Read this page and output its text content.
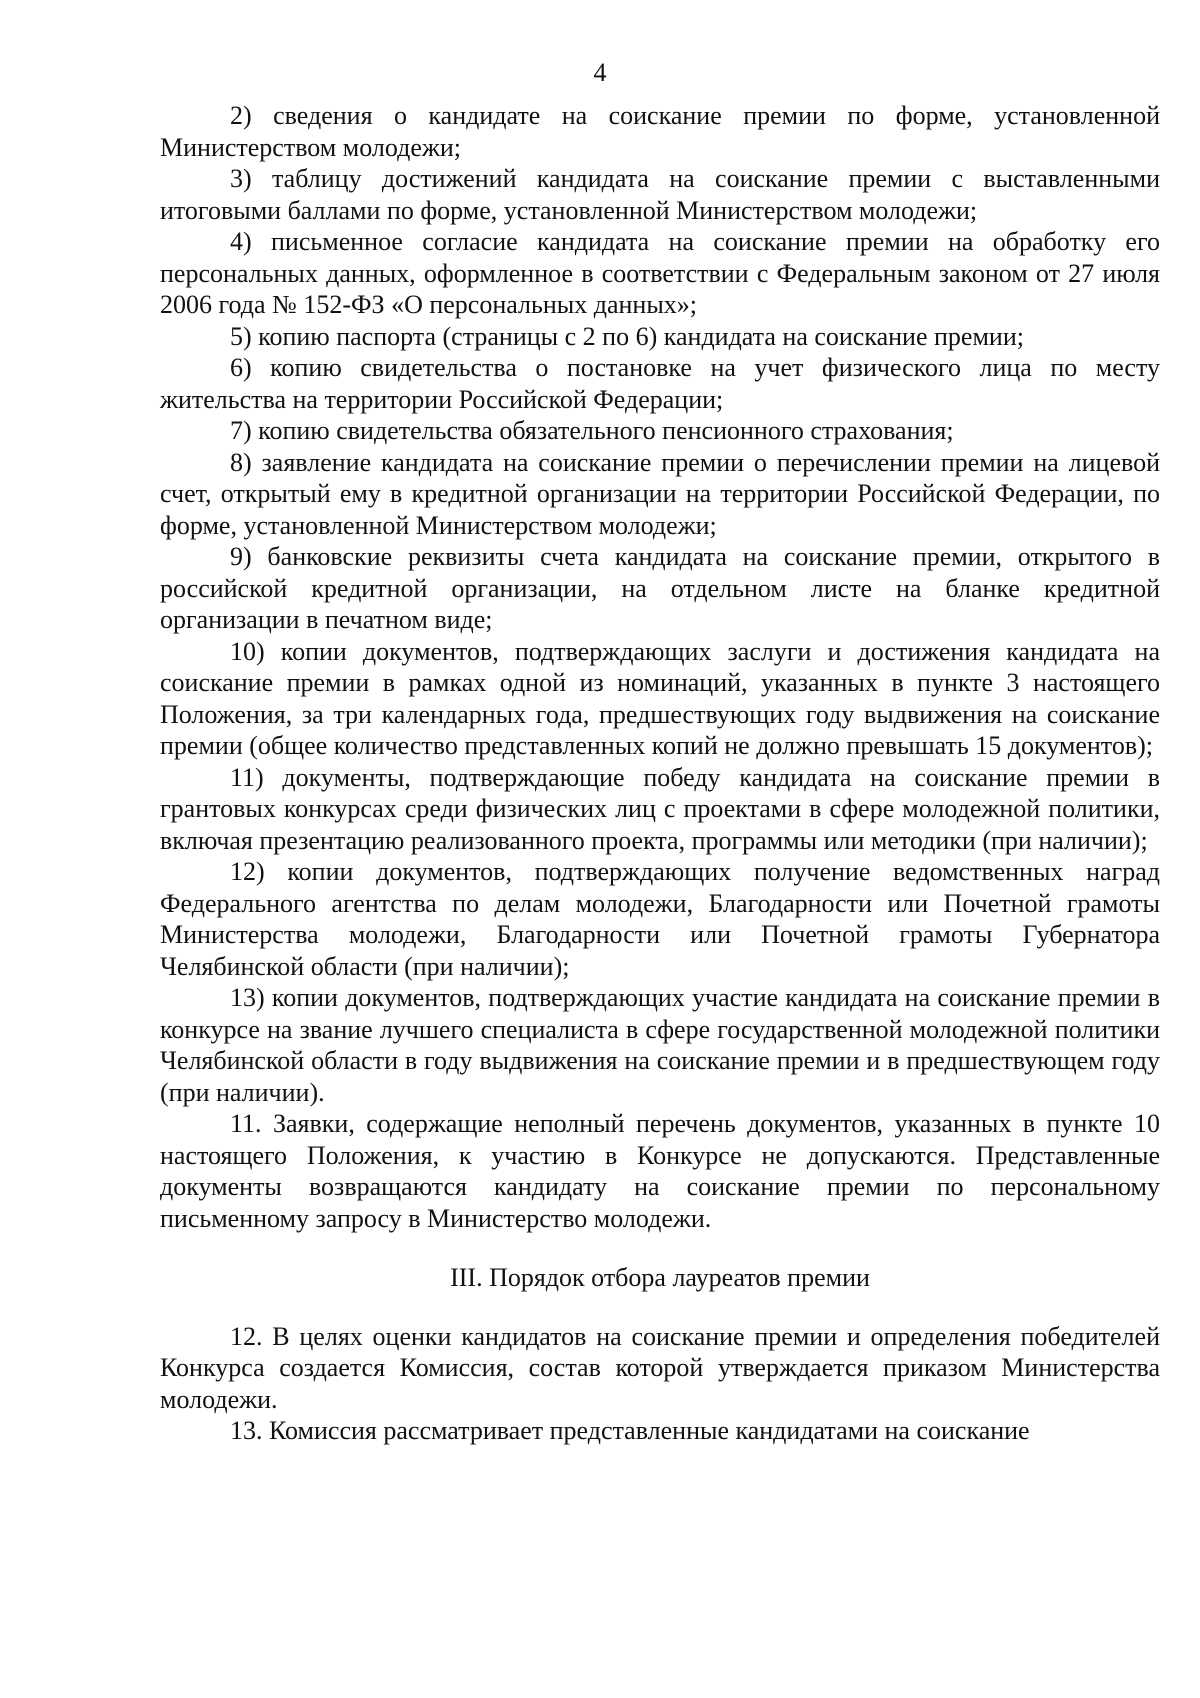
4

2) сведения о кандидате на соискание премии по форме, установленной Министерством молодежи;

3) таблицу достижений кандидата на соискание премии с выставленными итоговыми баллами по форме, установленной Министерством молодежи;

4) письменное согласие кандидата на соискание премии на обработку его персональных данных, оформленное в соответствии с Федеральным законом от 27 июля 2006 года № 152-ФЗ «О персональных данных»;

5) копию паспорта (страницы с 2 по 6) кандидата на соискание премии;

6) копию свидетельства о постановке на учет физического лица по месту жительства на территории Российской Федерации;

7) копию свидетельства обязательного пенсионного страхования;

8) заявление кандидата на соискание премии о перечислении премии на лицевой счет, открытый ему в кредитной организации на территории Российской Федерации, по форме, установленной Министерством молодежи;

9) банковские реквизиты счета кандидата на соискание премии, открытого в российской кредитной организации, на отдельном листе на бланке кредитной организации в печатном виде;

10) копии документов, подтверждающих заслуги и достижения кандидата на соискание премии в рамках одной из номинаций, указанных в пункте 3 настоящего Положения, за три календарных года, предшествующих году выдвижения на соискание премии (общее количество представленных копий не должно превышать 15 документов);

11) документы, подтверждающие победу кандидата на соискание премии в грантовых конкурсах среди физических лиц с проектами в сфере молодежной политики, включая презентацию реализованного проекта, программы или методики (при наличии);

12) копии документов, подтверждающих получение ведомственных наград Федерального агентства по делам молодежи, Благодарности или Почетной грамоты Министерства молодежи, Благодарности или Почетной грамоты Губернатора Челябинской области (при наличии);

13) копии документов, подтверждающих участие кандидата на соискание премии в конкурсе на звание лучшего специалиста в сфере государственной молодежной политики Челябинской области в году выдвижения на соискание премии и в предшествующем году (при наличии).

11. Заявки, содержащие неполный перечень документов, указанных в пункте 10 настоящего Положения, к участию в Конкурсе не допускаются. Представленные документы возвращаются кандидату на соискание премии по персональному письменному запросу в Министерство молодежи.

III. Порядок отбора лауреатов премии

12. В целях оценки кандидатов на соискание премии и определения победителей Конкурса создается Комиссия, состав которой утверждается приказом Министерства молодежи.

13. Комиссия рассматривает представленные кандидатами на соискание
